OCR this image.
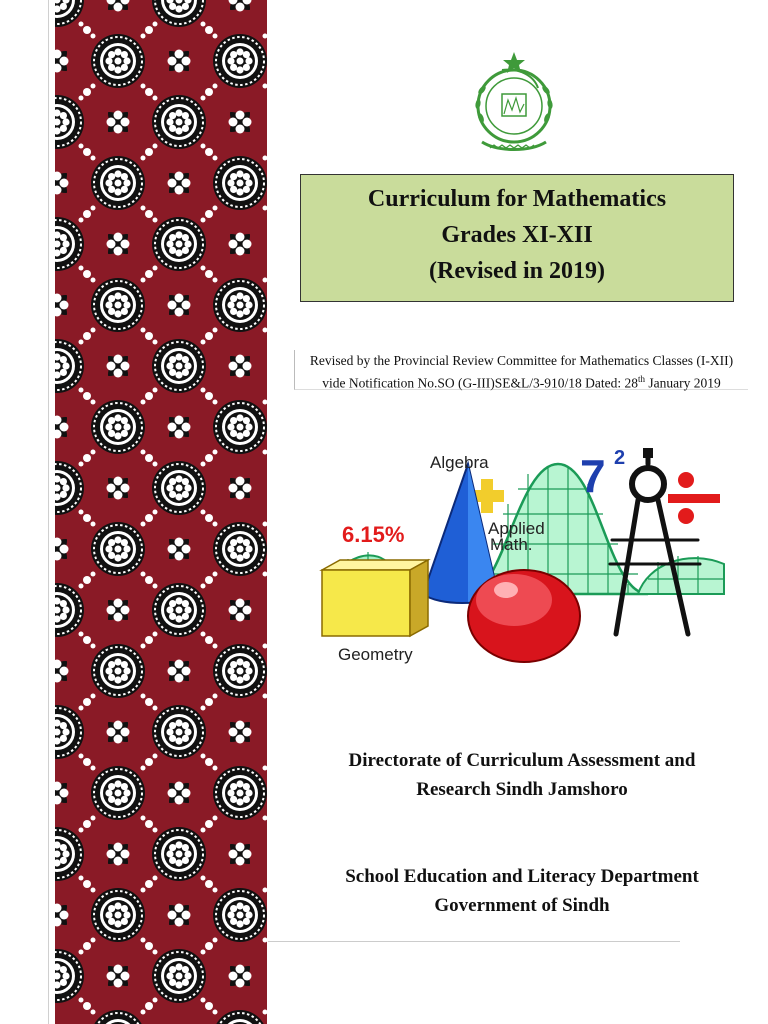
Curriculum for Mathematics
Grades XI-XII
(Revised in 2019)
Revised by the Provincial Review Committee for Mathematics Classes (I-XII)
vide Notification No.SO (G-III)SE&L/3-910/18 Dated: 28th January 2019
Algebra
Applied
Math.
6.15%
7 2
Geometry
Directorate of Curriculum Assessment and
Research Sindh Jamshoro
School Education and Literacy Department
Government of Sindh
